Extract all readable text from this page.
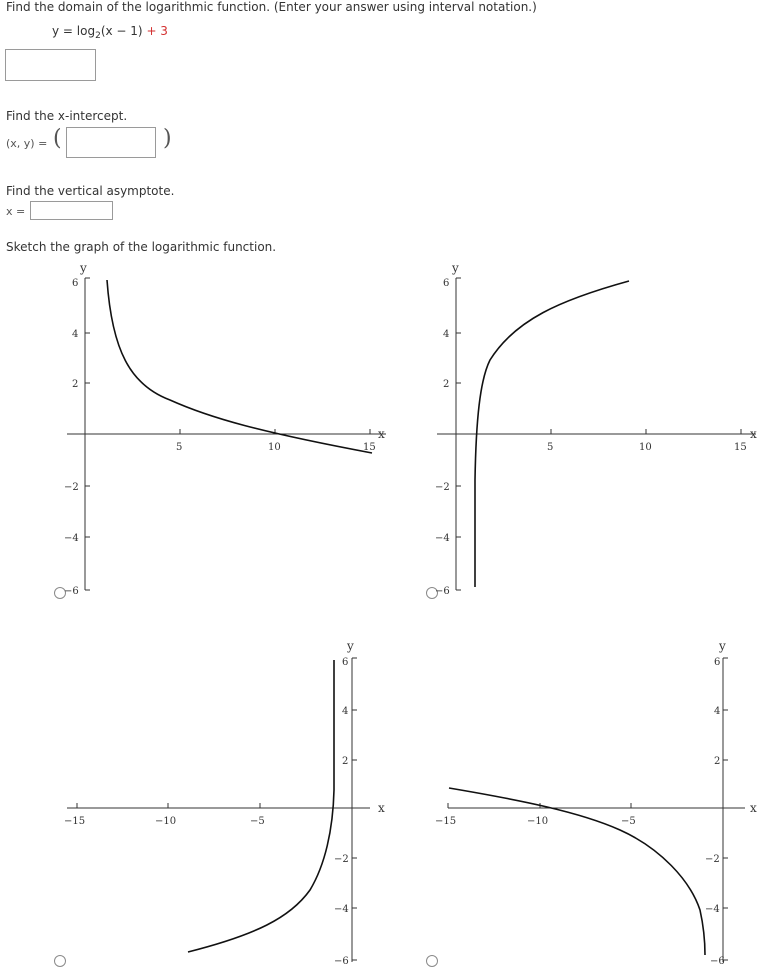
Find the domain of the logarithmic function. (Enter your answer using interval notation.)
$y = \log_2(x - 1) + 3$
Find the x-intercept.
(x, y) = (	)
Find the vertical asymptote.
x =
Sketch the graph of the logarithmic function.
y
x
5	10	15
6
4
2
−2
−4
−6
y
x
5	10	15
6
4
2
−2
−4
−6
y
x
−15	−10	−5
6
4
2
−2
−4
−6
y
x
−15	−10	−5
6
4
2
−2
−4
−6
